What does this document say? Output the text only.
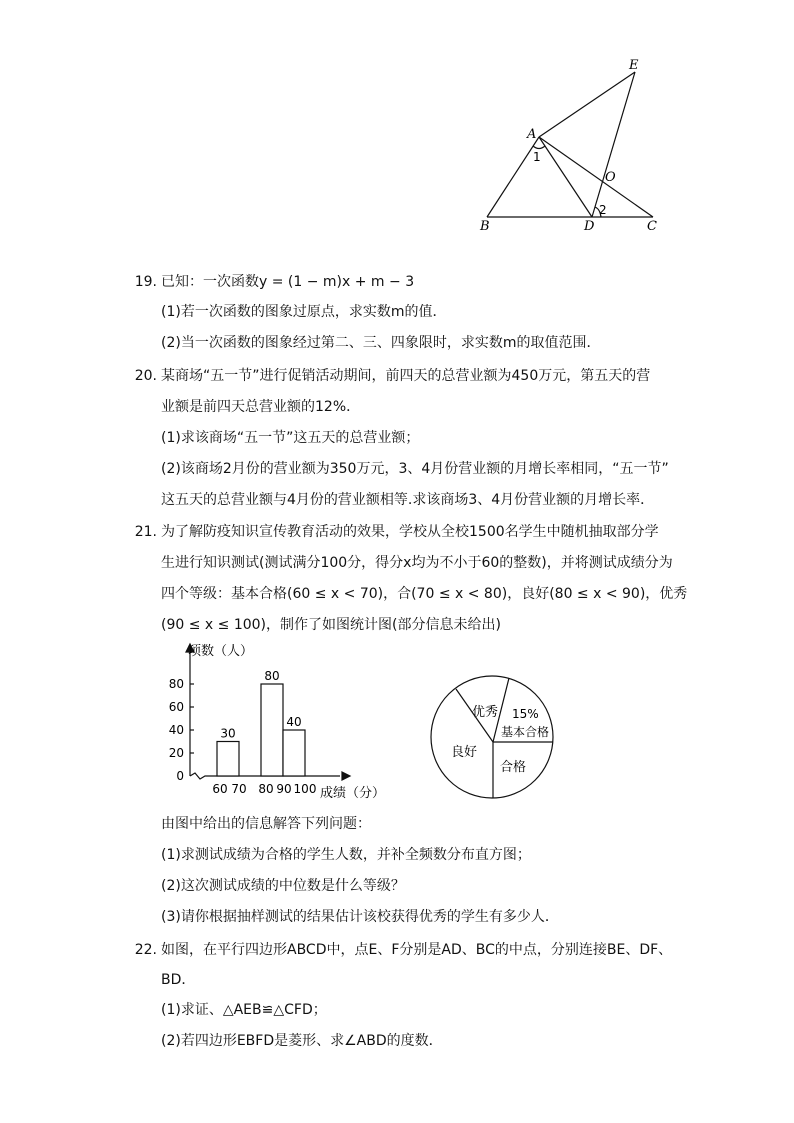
E
A
1
O
2
B	D	C
19. 已知：一次函数y = (1 − m)x + m − 3
(1)若一次函数的图象过原点，求实数m的值．
(2)当一次函数的图象经过第二、三、四象限时，求实数m的取值范围．
20. 某商场“五一节”进行促销活动期间，前四天的总营业额为450万元，第五天的营
业额是前四天总营业额的12%．
(1)求该商场“五一节”这五天的总营业额；
(2)该商场2月份的营业额为350万元，3、4月份营业额的月增长率相同，“五一节”
这五天的总营业额与4月份的营业额相等.求该商场3、4月份营业额的月增长率．
21. 为了解防疫知识宣传教育活动的效果，学校从全校1500名学生中随机抽取部分学
生进行知识测试(测试满分100分，得分x均为不小于60的整数)，并将测试成绩分为
四个等级：基本合格(60 ≤ x < 70)，合(70 ≤ x < 80)，良好(80 ≤ x < 90)，优秀
(90 ≤ x ≤ 100)，制作了如图统计图(部分信息未给出)
0
20
40
60
80
项数（人）
30
80
40
60 70 80 90 100 成绩（分）
优秀 15%
基本合格
合格
良好
由图中给出的信息解答下列问题：
(1)求测试成绩为合格的学生人数，并补全频数分布直方图；
(2)这次测试成绩的中位数是什么等级？
(3)请你根据抽样测试的结果估计该校获得优秀的学生有多少人．
22. 如图，在平行四边形ABCD中，点E、F分别是AD、BC的中点，分别连接BE、DF、
BD．
(1)求证、△AEB≌△CFD；
(2)若四边形EBFD是菱形、求∠ABD的度数．
